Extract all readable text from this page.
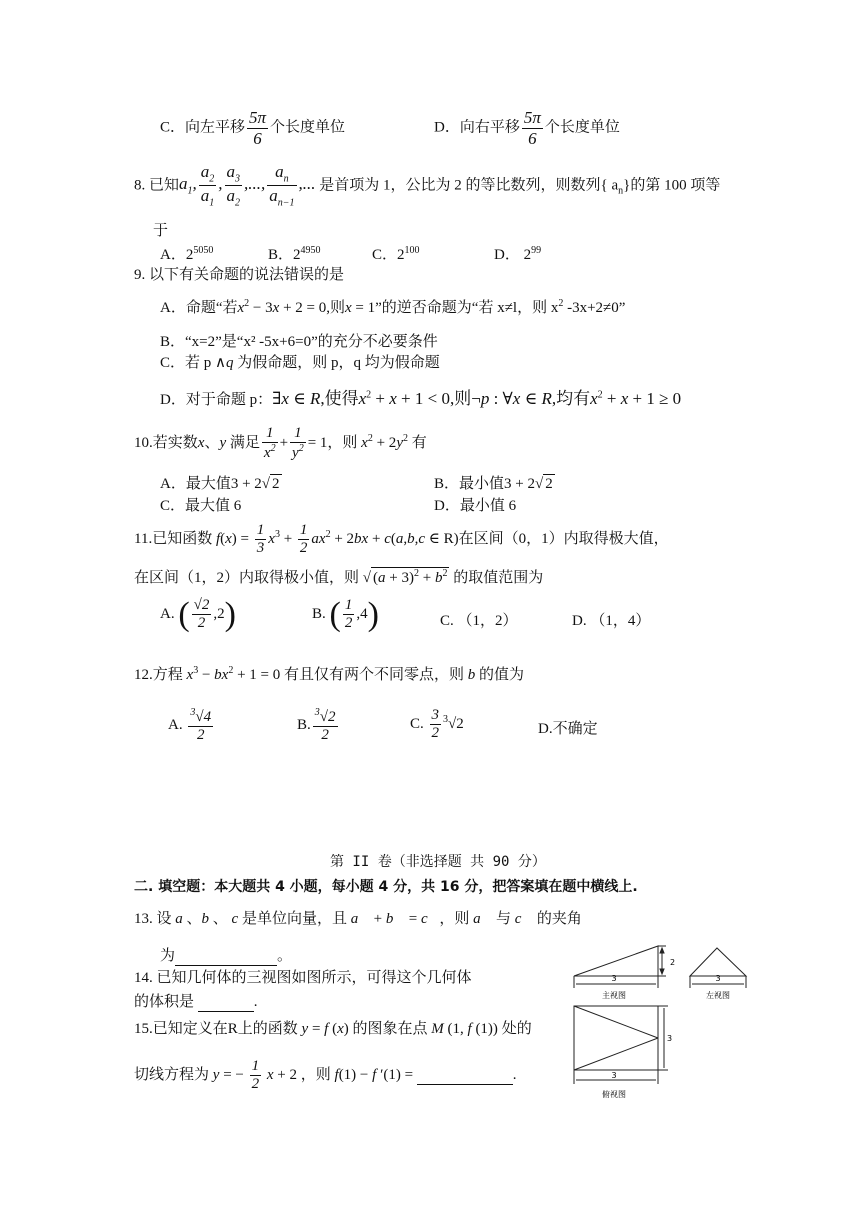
C．向左平移 $\frac{5\pi}{6}$ 个长度单位	D．向右平移 $\frac{5\pi}{6}$ 个长度单位
8. 已知$a_1$, $\frac{a_2}{a_1}$ , $\frac{a_3}{a_2}$ ,..., $\frac{a_n}{a_{n-1}}$ ,... 是首项为 1，公比为 2 的等比数列，则数列{ $a_n$}的第 100 项等
于
A．$2^{5050}$	B．$2^{4950}$	C．$2^{100}$	D． $2^{99}$
9. 以下有关命题的说法错误的是
A．命题“若$x^2 - 3x + 2 = 0$,则x = 1”的逆否命题为“若 x≠l，则 $x^2$ -3x+2≠0”
B．“x=2”是“x² -5x+6=0”的充分不必要条件
C．若 p ∧q 为假命题，则 p，q 均为假命题
D．对于命题 p：∃x ∈ R,使得$x^2 + x + 1 < 0$,则¬p : ∀x ∈ R,均有$x^2 + x + 1 \ge 0$
10.若实数x、y 满足 $\frac{1}{x^2} + \frac{1}{y^2} = 1$，则 $x^2 + 2y^2$ 有
A．最大值3 + 2√ 2	B．最小值3 + 2√ 2
C．最大值 6	D．最小值 6
11.已知函数 $f(x) = \frac{1}{3} x^3 + \frac{1}{2} ax^2 + 2bx + c(a,b,c$ ∈ R)在区间（0，1）内取得极大值，
在区间（1，2）内取得极小值，则 √ $(a + 3)^2 + b^2$ 的取值范围为
A. ( $\frac{√2}{2} ,2$)	B. ( $\frac{1}{2} ,4$)	C. （1，2）	D. （1，4）
12.方程 $x^3 - bx^2 + 1 = 0$ 有且仅有两个不同零点，则 b 的值为
A. $\frac{^3√4}{2}$	B. $\frac{^3√2}{2}$	C. $\frac{3}{2} ^3√2$	D.不确定
第 II 卷（非选择题 共 90 分）
二. 填空题：本大题共 4 小题，每小题 4 分，共 16 分，把答案填在题中横线上.
13. 设 a 、b 、 c 是单位向量，且 a⃗ + b⃗ = c⃗，则 a⃗ 与 c⃗ 的夹角
为	。
14. 已知几何体的三视图如图所示，可得这个几何体
的体积是	.
15.已知定义在R上的函数 y = f (x) 的图象在点 M (1, f (1)) 处的
切线方程为 y = − $\frac{1}{2}$ x + 2 ，则 f(1) − f ′(1) =	.
3
2
主视图
3
左视图
3
3
俯视图
